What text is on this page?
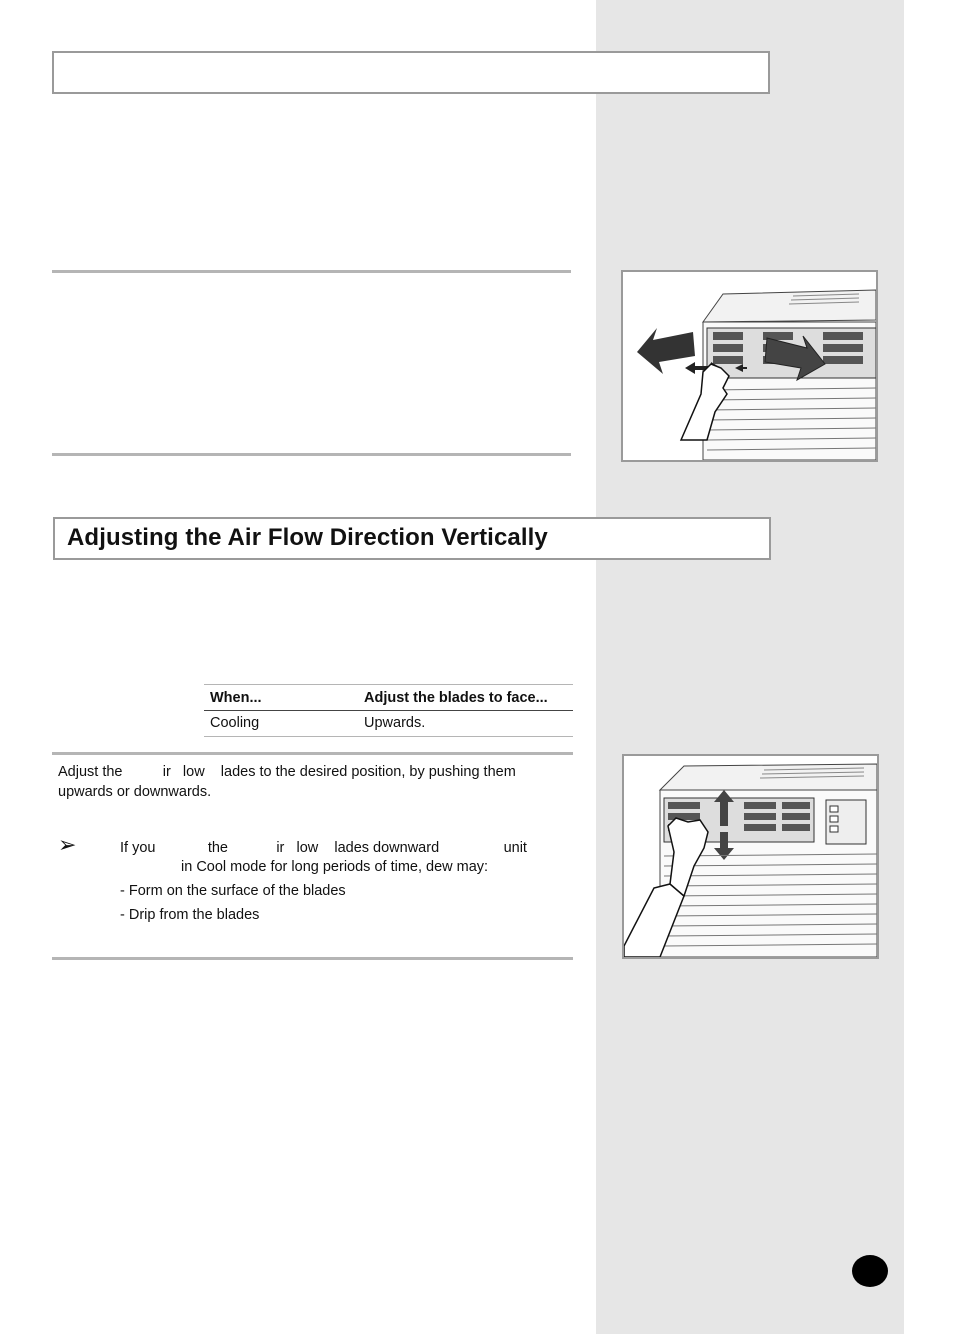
Adjusting the Air Flow Direction Vertically
When...	Adjust the blades to face...
Cooling	Upwards.
Adjust the          ir   low    lades to the desired position, by pushing them
upwards or downwards.
➢	If you             the            ir   low    lades downward                unit
in Cool mode for long periods of time, dew may:
- Form on the surface of the blades
- Drip from the blades
